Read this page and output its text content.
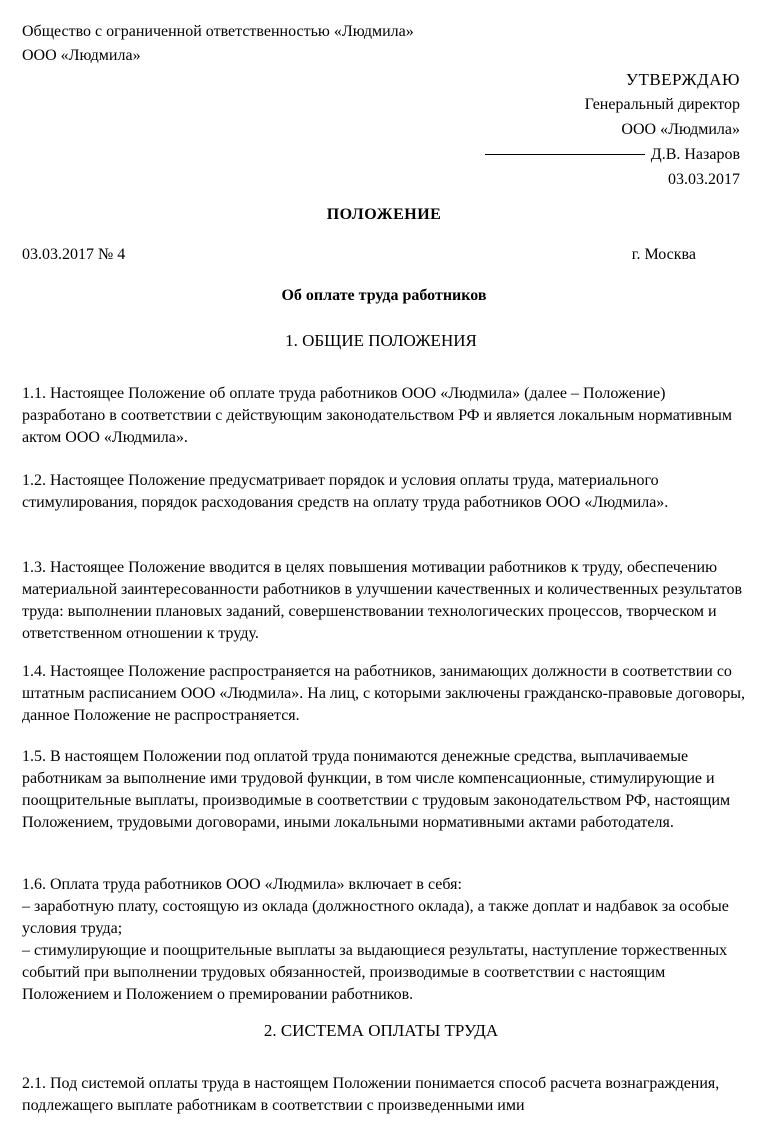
Общество с ограниченной ответственностью «Людмила»
ООО «Людмила»
УТВЕРЖДАЮ
Генеральный директор
ООО «Людмила»
Д.В. Назаров
03.03.2017
ПОЛОЖЕНИЕ
03.03.2017 № 4	г. Москва
Об оплате труда работников
1. ОБЩИЕ ПОЛОЖЕНИЯ
1.1. Настоящее Положение об оплате труда работников ООО «Людмила» (далее – Положение) разработано в соответствии с действующим законодательством РФ и является локальным нормативным актом ООО «Людмила».
1.2. Настоящее Положение предусматривает порядок и условия оплаты труда, материального стимулирования, порядок расходования средств на оплату труда работников ООО «Людмила».
1.3. Настоящее Положение вводится в целях повышения мотивации работников к труду, обеспечению материальной заинтересованности работников в улучшении качественных и количественных результатов труда: выполнении плановых заданий, совершенствовании технологических процессов, творческом и ответственном отношении к труду.
1.4. Настоящее Положение распространяется на работников, занимающих должности в соответствии со штатным расписанием ООО «Людмила». На лиц, с которыми заключены гражданско-правовые договоры, данное Положение не распространяется.
1.5. В настоящем Положении под оплатой труда понимаются денежные средства, выплачиваемые работникам за выполнение ими трудовой функции, в том числе компенсационные, стимулирующие и поощрительные выплаты, производимые в соответствии с трудовым законодательством РФ, настоящим Положением, трудовыми договорами, иными локальными нормативными актами работодателя.
1.6. Оплата труда работников ООО «Людмила» включает в себя:
– заработную плату, состоящую из оклада (должностного оклада), а также доплат и надбавок за особые условия труда;
– стимулирующие и поощрительные выплаты за выдающиеся результаты, наступление торжественных событий при выполнении трудовых обязанностей, производимые в соответствии с настоящим Положением и Положением о премировании работников.
2. СИСТЕМА ОПЛАТЫ ТРУДА
2.1. Под системой оплаты труда в настоящем Положении понимается способ расчета вознаграждения, подлежащего выплате работникам в соответствии с произведенными ими
